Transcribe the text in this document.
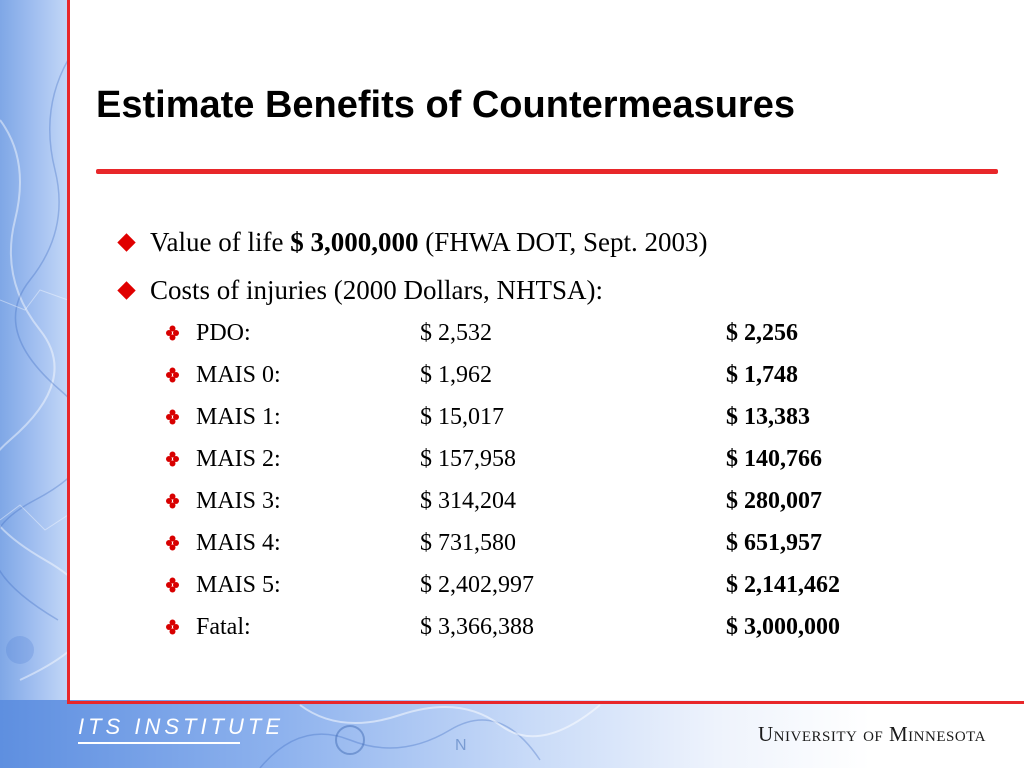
N
Estimate Benefits of Countermeasures
Value of life $ 3,000,000 (FHWA DOT, Sept. 2003)
Costs of injuries (2000 Dollars, NHTSA):
PDO:	$ 2,532	$ 2,256
MAIS 0:	$ 1,962	$ 1,748
MAIS 1:	$ 15,017	$ 13,383
MAIS 2:	$ 157,958	$ 140,766
MAIS 3:	$ 314,204	$ 280,007
MAIS 4:	$ 731,580	$ 651,957
MAIS 5:	$ 2,402,997	$ 2,141,462
Fatal:	$ 3,366,388	$ 3,000,000
ITS INSTITUTE	University of Minnesota
